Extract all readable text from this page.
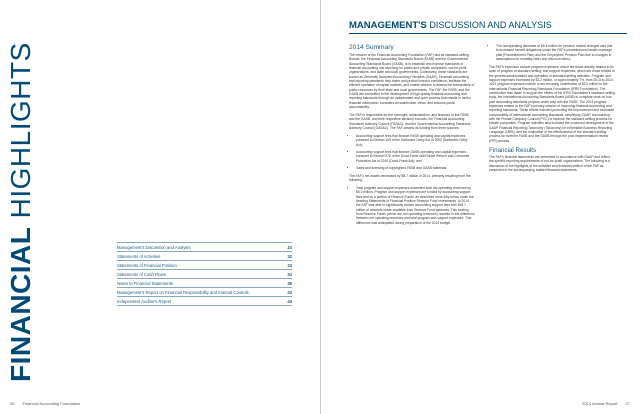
FINANCIAL HIGHLIGHTS
Management's Discussion and Analysis	24
Statements of Activities	32
Statements of Financial Position	33
Statements of Cash Flows	34
Notes to Financial Statements	35
Management's Report on Financial Responsibility and Internal Controls	43
Independent Auditor's Report	44
26 Financial Accounting Foundation
MANAGEMENT'S DISCUSSION AND ANALYSIS
2014 Summary

The mission of the Financial Accounting Foundation (FAF) and its standard-setting Boards, the Financial Accounting Standards Board (FASB) and the Governmental Accounting Standards Board (GASB), is to establish and improve standards of financial accounting and reporting for public and private companies, not-for-profit organizations, and state and local governments. Collectively, these standards are known as Generally Accepted Accounting Principles (GAAP). Financial accounting and reporting standards help foster and protect investor confidence; facilitate the efficient operation of capital markets, and enable citizens to assess the stewardship of public resources by their state and local governments. The FAF, the FASB, and the GASB are committed to the development of high-quality financial accounting and reporting standards through an independent and open process that results in useful financial information, considers all stakeholder views, and ensures public accountability.

The FAF is responsible for the oversight, administration, and finances of the FASB and the GASB, and their respective advisory councils, the Financial Accounting Standards Advisory Council (FASAC), and the Governmental Accounting Standards Advisory Council (GASAC). The FAF obtains its funding from three sources:

• Accounting support fees that finance FASB operating and capital expenses pursuant to Section 109 of the Sarbanes-Oxley Act of 2002 (Sarbanes-Oxley Act);
• Accounting support fees that finance GASB operating and capital expenses pursuant to Section 978 of the Dodd-Frank Wall Street Reform and Consumer Protection Act of 2010 (Dodd-Frank Act); and
• Sales and licensing of copyrighted FASB and GASB materials.

The FAF's net assets decreased by $5.7 million in 2014, primarily resulting from the following:

• Total program and support expenses exceeded total net operating revenues by $5.3 million. Program and support expenses are funded by accounting support fees and by a portion of Reserve Funds, as described more fully below under the heading Statements of Financial Position Reserve Fund Investments. In 2014, the FAF was able to significantly reduce accounting support fees with $18.7 million of amounts made available from Reserve Fund balances. This funding from Reserve Funds (which are not operating revenues) resulted in the difference between net operating revenues and total program and support expenses. This difference was anticipated during preparation of the 2014 budget.
• The nonoperating decrease of $5.4 million for pension related changes was due to increased benefit obligations under the FAF's postretirement health coverage plan (Postretirement Plan) and the Employees' Pension Plan due to changes in assumptions for mortality rates and discount rates).

The FAF's expenses include program expenses, which are those directly related to its span of program of standard setting, and support expenses, which are those related to the general administration and operation of standard-setting activities. Program and support expenses increased by $3.2 million, or approximately 7%, from 2013 to 2014. 2014 program expenses include a non-recurring contribution of $2.0 million to the International Financial Reporting Standards Foundation (IFRS Foundation). The contribution was made to support the efforts of the IFRS Foundation's standard-setting body, the International Accounting Standards Board (IASB) to complete work on four joint accounting standards projects under way with the FASB. The 2014 program expenses related to the FAF's primary mission of improving financial accounting and reporting standards. These efforts included promoting the improvement and increased comparability of international accounting standards, simplifying GAAP, and working with the Private Company Council (PCC) to improve the standard-setting process for private companies. Program activities also included the continued development of the GAAP Financial Reporting Taxonomy (Taxonomy) for eXtensible Business Reporting Language (XBRL) and the evaluation of the effectiveness of the standard-setting process for both the FASB and the GASB through the post-implementation review (PIR) process.

Financial Results

The FAF's financial statements are presented in accordance with GAAP and reflect the specific reporting requirements of not-for-profit organizations. The following is a discussion of the highlights of the activities and financial position of the FAF as presented in the accompanying audited financial statements.

2014 Annual Report 27
